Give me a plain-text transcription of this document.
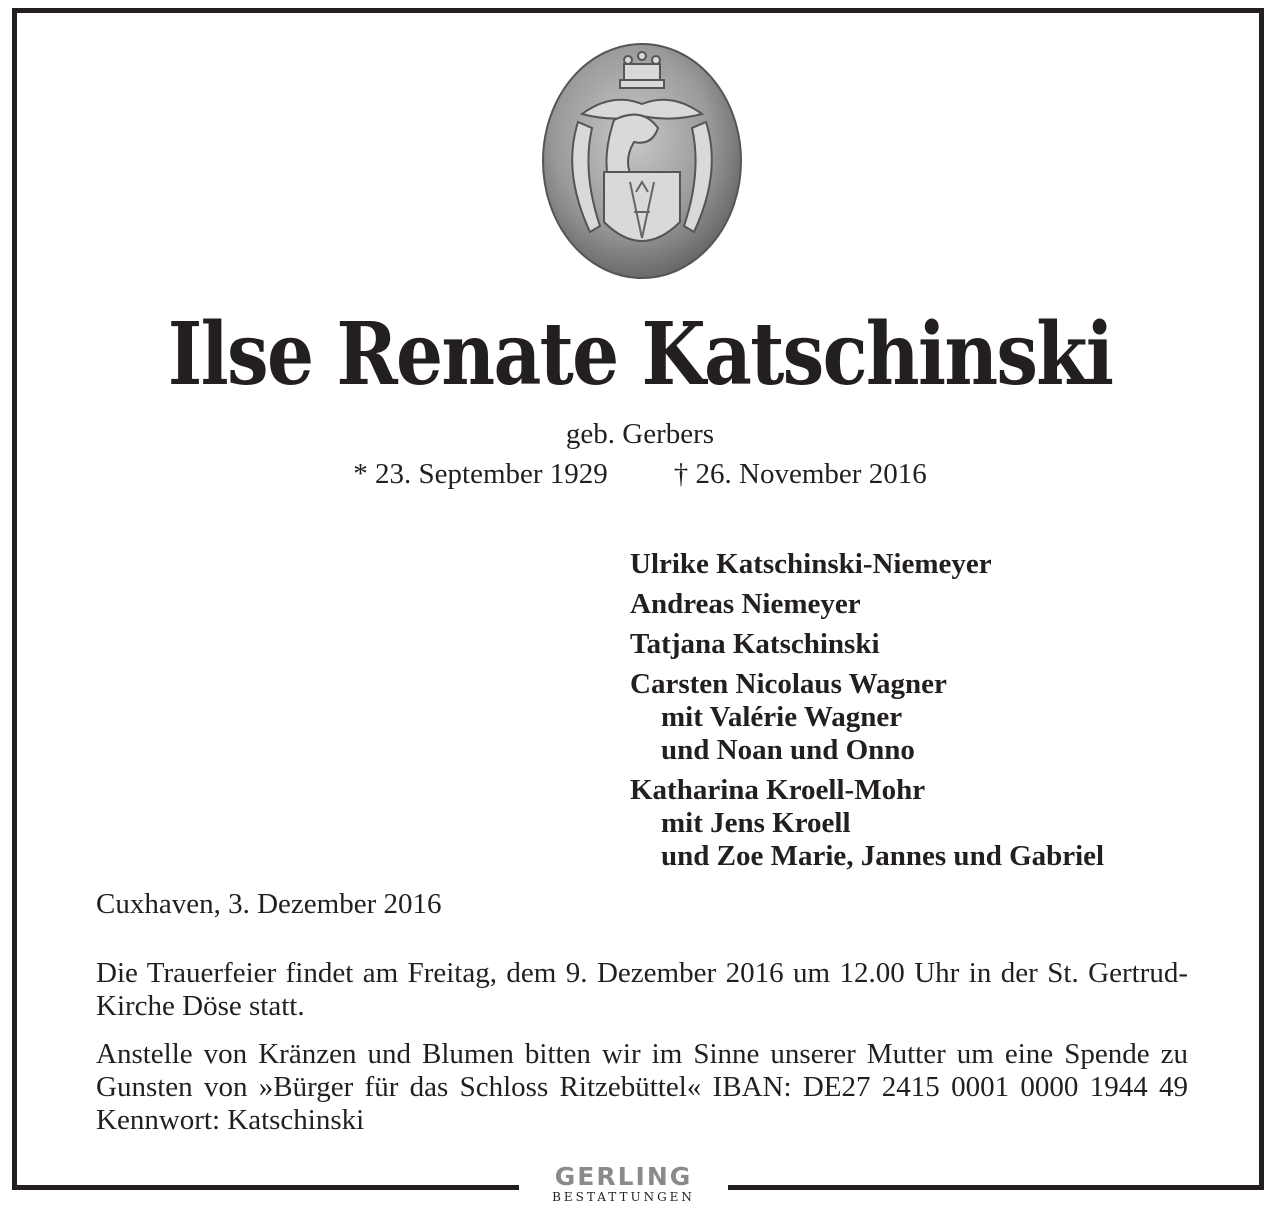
Ilse Renate Katschinski
geb. Gerbers
* 23. September 1929 † 26. November 2016
Ulrike Katschinski-Niemeyer
Andreas Niemeyer
Tatjana Katschinski
Carsten Nicolaus Wagner
mit Valérie Wagner
und Noan und Onno
Katharina Kroell-Mohr
mit Jens Kroell
und Zoe Marie, Jannes und Gabriel
Cuxhaven, 3. Dezember 2016
Die Trauerfeier findet am Freitag, dem 9. Dezember 2016 um 12.00 Uhr in der St. Gertrud-Kirche Döse statt.
Anstelle von Kränzen und Blumen bitten wir im Sinne unserer Mutter um eine Spende zu Gunsten von »Bürger für das Schloss Ritzebüttel« IBAN: DE27 2415 0001 0000 1944 49 Kennwort: Katschinski
GERLING
BESTATTUNGEN
